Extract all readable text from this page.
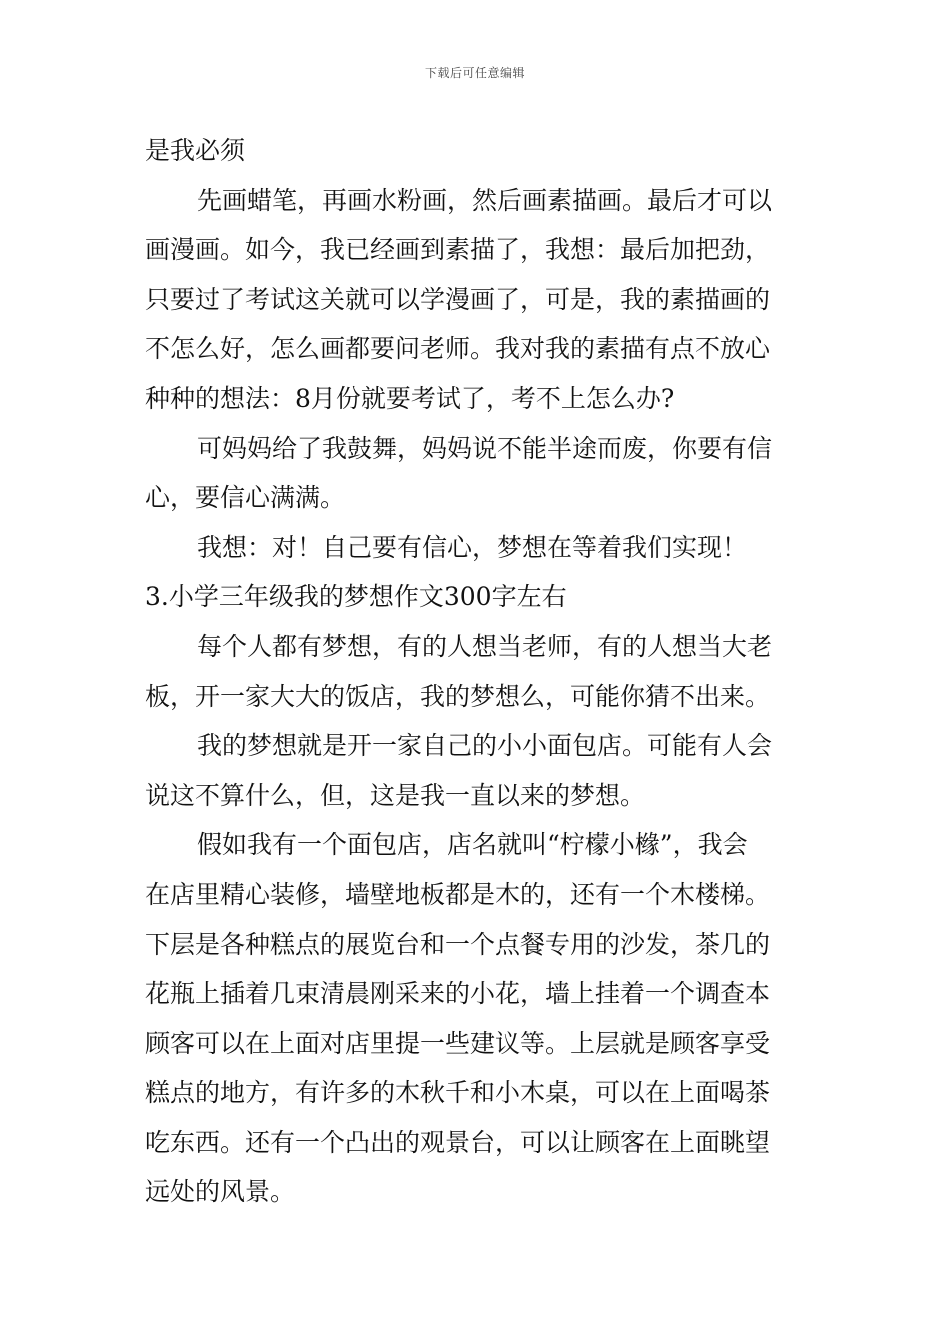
下载后可任意编辑
是我必须
先画蜡笔，再画水粉画，然后画素描画。最后才可以
画漫画。如今，我已经画到素描了，我想：最后加把劲，
只要过了考试这关就可以学漫画了，可是，我的素描画的
不怎么好，怎么画都要问老师。我对我的素描有点不放心
种种的想法：8月份就要考试了，考不上怎么办?
可妈妈给了我鼓舞，妈妈说不能半途而废，你要有信
心，要信心满满。
我想：对！自己要有信心，梦想在等着我们实现！
3.小学三年级我的梦想作文300字左右
每个人都有梦想，有的人想当老师，有的人想当大老
板，开一家大大的饭店，我的梦想么，可能你猜不出来。
我的梦想就是开一家自己的小小面包店。可能有人会
说这不算什么，但，这是我一直以来的梦想。
假如我有一个面包店，店名就叫“柠檬小橼”，我会
在店里精心装修，墙壁地板都是木的，还有一个木楼梯。
下层是各种糕点的展览台和一个点餐专用的沙发，茶几的
花瓶上插着几束清晨刚采来的小花，墙上挂着一个调查本
顾客可以在上面对店里提一些建议等。上层就是顾客享受
糕点的地方，有许多的木秋千和小木桌，可以在上面喝茶
吃东西。还有一个凸出的观景台，可以让顾客在上面眺望
远处的风景。
